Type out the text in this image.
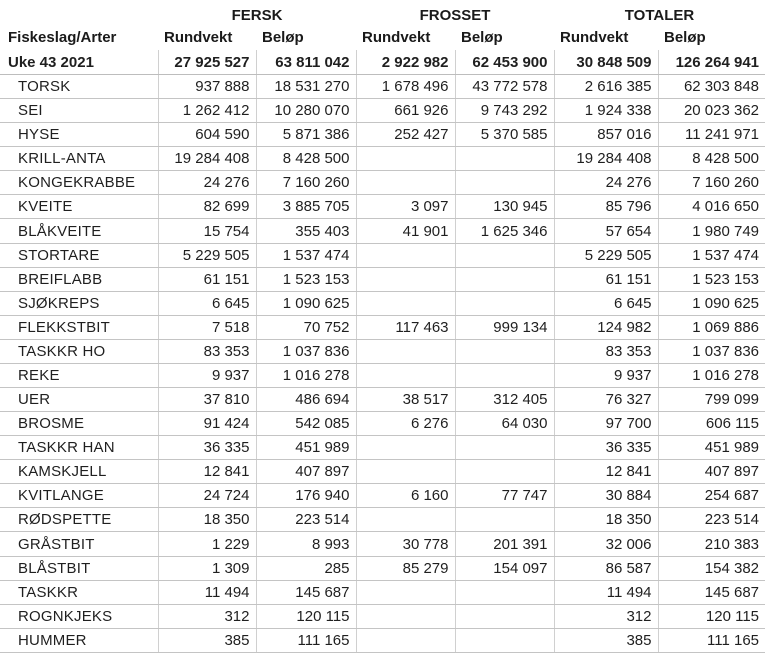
	FERSK		FROSSET		TOTALER	
Fiskeslag/Arter	Rundvekt	Beløp	Rundvekt	Beløp	Rundvekt	Beløp
Uke 43 2021	27 925 527	63 811 042	2 922 982	62 453 900	30 848 509	126 264 941
TORSK	937 888	18 531 270	1 678 496	43 772 578	2 616 385	62 303 848
SEI	1 262 412	10 280 070	661 926	9 743 292	1 924 338	20 023 362
HYSE	604 590	5 871 386	252 427	5 370 585	857 016	11 241 971
KRILL-ANTA	19 284 408	8 428 500			19 284 408	8 428 500
KONGEKRABBE	24 276	7 160 260			24 276	7 160 260
KVEITE	82 699	3 885 705	3 097	130 945	85 796	4 016 650
BLÅKVEITE	15 754	355 403	41 901	1 625 346	57 654	1 980 749
STORTARE	5 229 505	1 537 474			5 229 505	1 537 474
BREIFLABB	61 151	1 523 153			61 151	1 523 153
SJØKREPS	6 645	1 090 625			6 645	1 090 625
FLEKKSTBIT	7 518	70 752	117 463	999 134	124 982	1 069 886
TASKKR HO	83 353	1 037 836			83 353	1 037 836
REKE	9 937	1 016 278			9 937	1 016 278
UER	37 810	486 694	38 517	312 405	76 327	799 099
BROSME	91 424	542 085	6 276	64 030	97 700	606 115
TASKKR HAN	36 335	451 989			36 335	451 989
KAMSKJELL	12 841	407 897			12 841	407 897
KVITLANGE	24 724	176 940	6 160	77 747	30 884	254 687
RØDSPETTE	18 350	223 514			18 350	223 514
GRÅSTBIT	1 229	8 993	30 778	201 391	32 006	210 383
BLÅSTBIT	1 309	285	85 279	154 097	86 587	154 382
TASKKR	11 494	145 687			11 494	145 687
ROGNKJEKS	312	120 115			312	120 115
HUMMER	385	111 165			385	111 165
